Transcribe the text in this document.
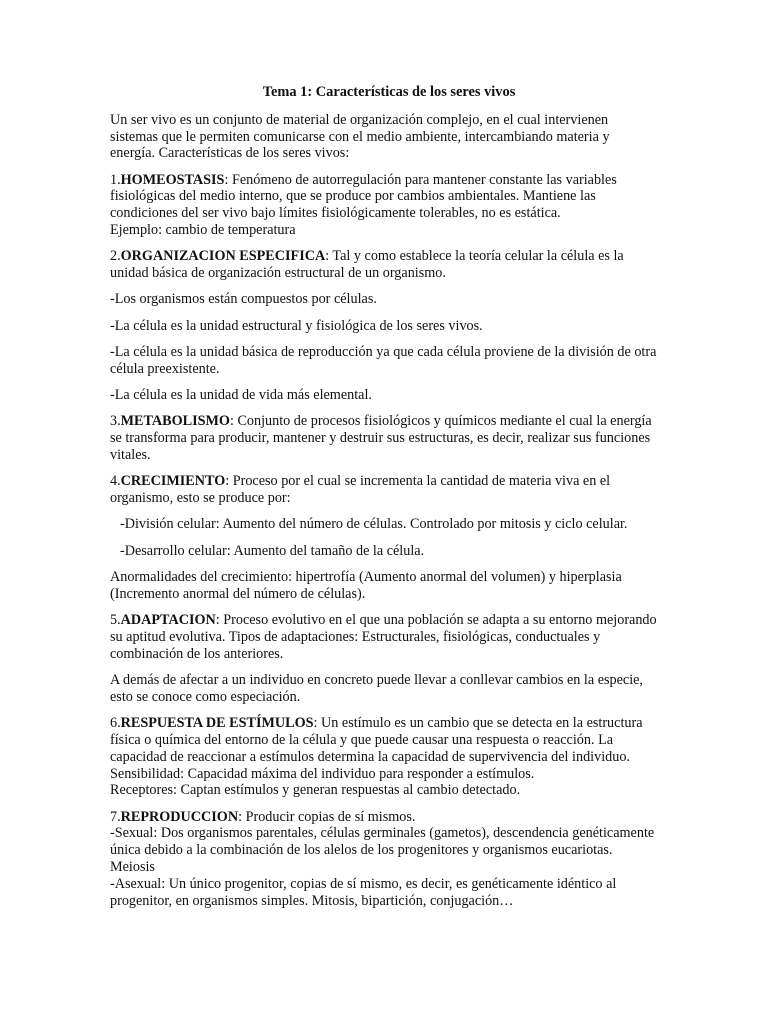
Tema 1: Características de los seres vivos

Un ser vivo es un conjunto de material de organización complejo, en el cual intervienen
sistemas que le permiten comunicarse con el medio ambiente, intercambiando materia y
energía. Características de los seres vivos:

1.HOMEOSTASIS: Fenómeno de autorregulación para mantener constante las variables
fisiológicas del medio interno, que se produce por cambios ambientales. Mantiene las
condiciones del ser vivo bajo límites fisiológicamente tolerables, no es estática.
Ejemplo: cambio de temperatura

2.ORGANIZACION ESPECIFICA: Tal y como establece la teoría celular la célula es la
unidad básica de organización estructural de un organismo.

-Los organismos están compuestos por células.

-La célula es la unidad estructural y fisiológica de los seres vivos.

-La célula es la unidad básica de reproducción ya que cada célula proviene de la división de otra
célula preexistente.

-La célula es la unidad de vida más elemental.

3.METABOLISMO: Conjunto de procesos fisiológicos y químicos mediante el cual la energía
se transforma para producir, mantener y destruir sus estructuras, es decir, realizar sus funciones
vitales.

4.CRECIMIENTO: Proceso por el cual se incrementa la cantidad de materia viva en el
organismo, esto se produce por:

-División celular: Aumento del número de células. Controlado por mitosis y ciclo celular.

-Desarrollo celular: Aumento del tamaño de la célula.

Anormalidades del crecimiento: hipertrofía (Aumento anormal del volumen) y hiperplasia
(Incremento anormal del número de células).

5.ADAPTACION: Proceso evolutivo en el que una población se adapta a su entorno mejorando
su aptitud evolutiva. Tipos de adaptaciones: Estructurales, fisiológicas, conductuales y
combinación de los anteriores.

A demás de afectar a un individuo en concreto puede llevar a conllevar cambios en la especie,
esto se conoce como especiación.

6.RESPUESTA DE ESTÍMULOS: Un estímulo es un cambio que se detecta en la estructura
física o química del entorno de la célula y que puede causar una respuesta o reacción. La
capacidad de reaccionar a estímulos determina la capacidad de supervivencia del individuo.
Sensibilidad: Capacidad máxima del individuo para responder a estímulos.
Receptores: Captan estímulos y generan respuestas al cambio detectado.

7.REPRODUCCION: Producir copias de sí mismos.
-Sexual: Dos organismos parentales, células germinales (gametos), descendencia genéticamente
única debido a la combinación de los alelos de los progenitores y organismos eucariotas.
Meiosis
-Asexual: Un único progenitor, copias de sí mismo, es decir, es genéticamente idéntico al
progenitor, en organismos simples. Mitosis, bipartición, conjugación…
